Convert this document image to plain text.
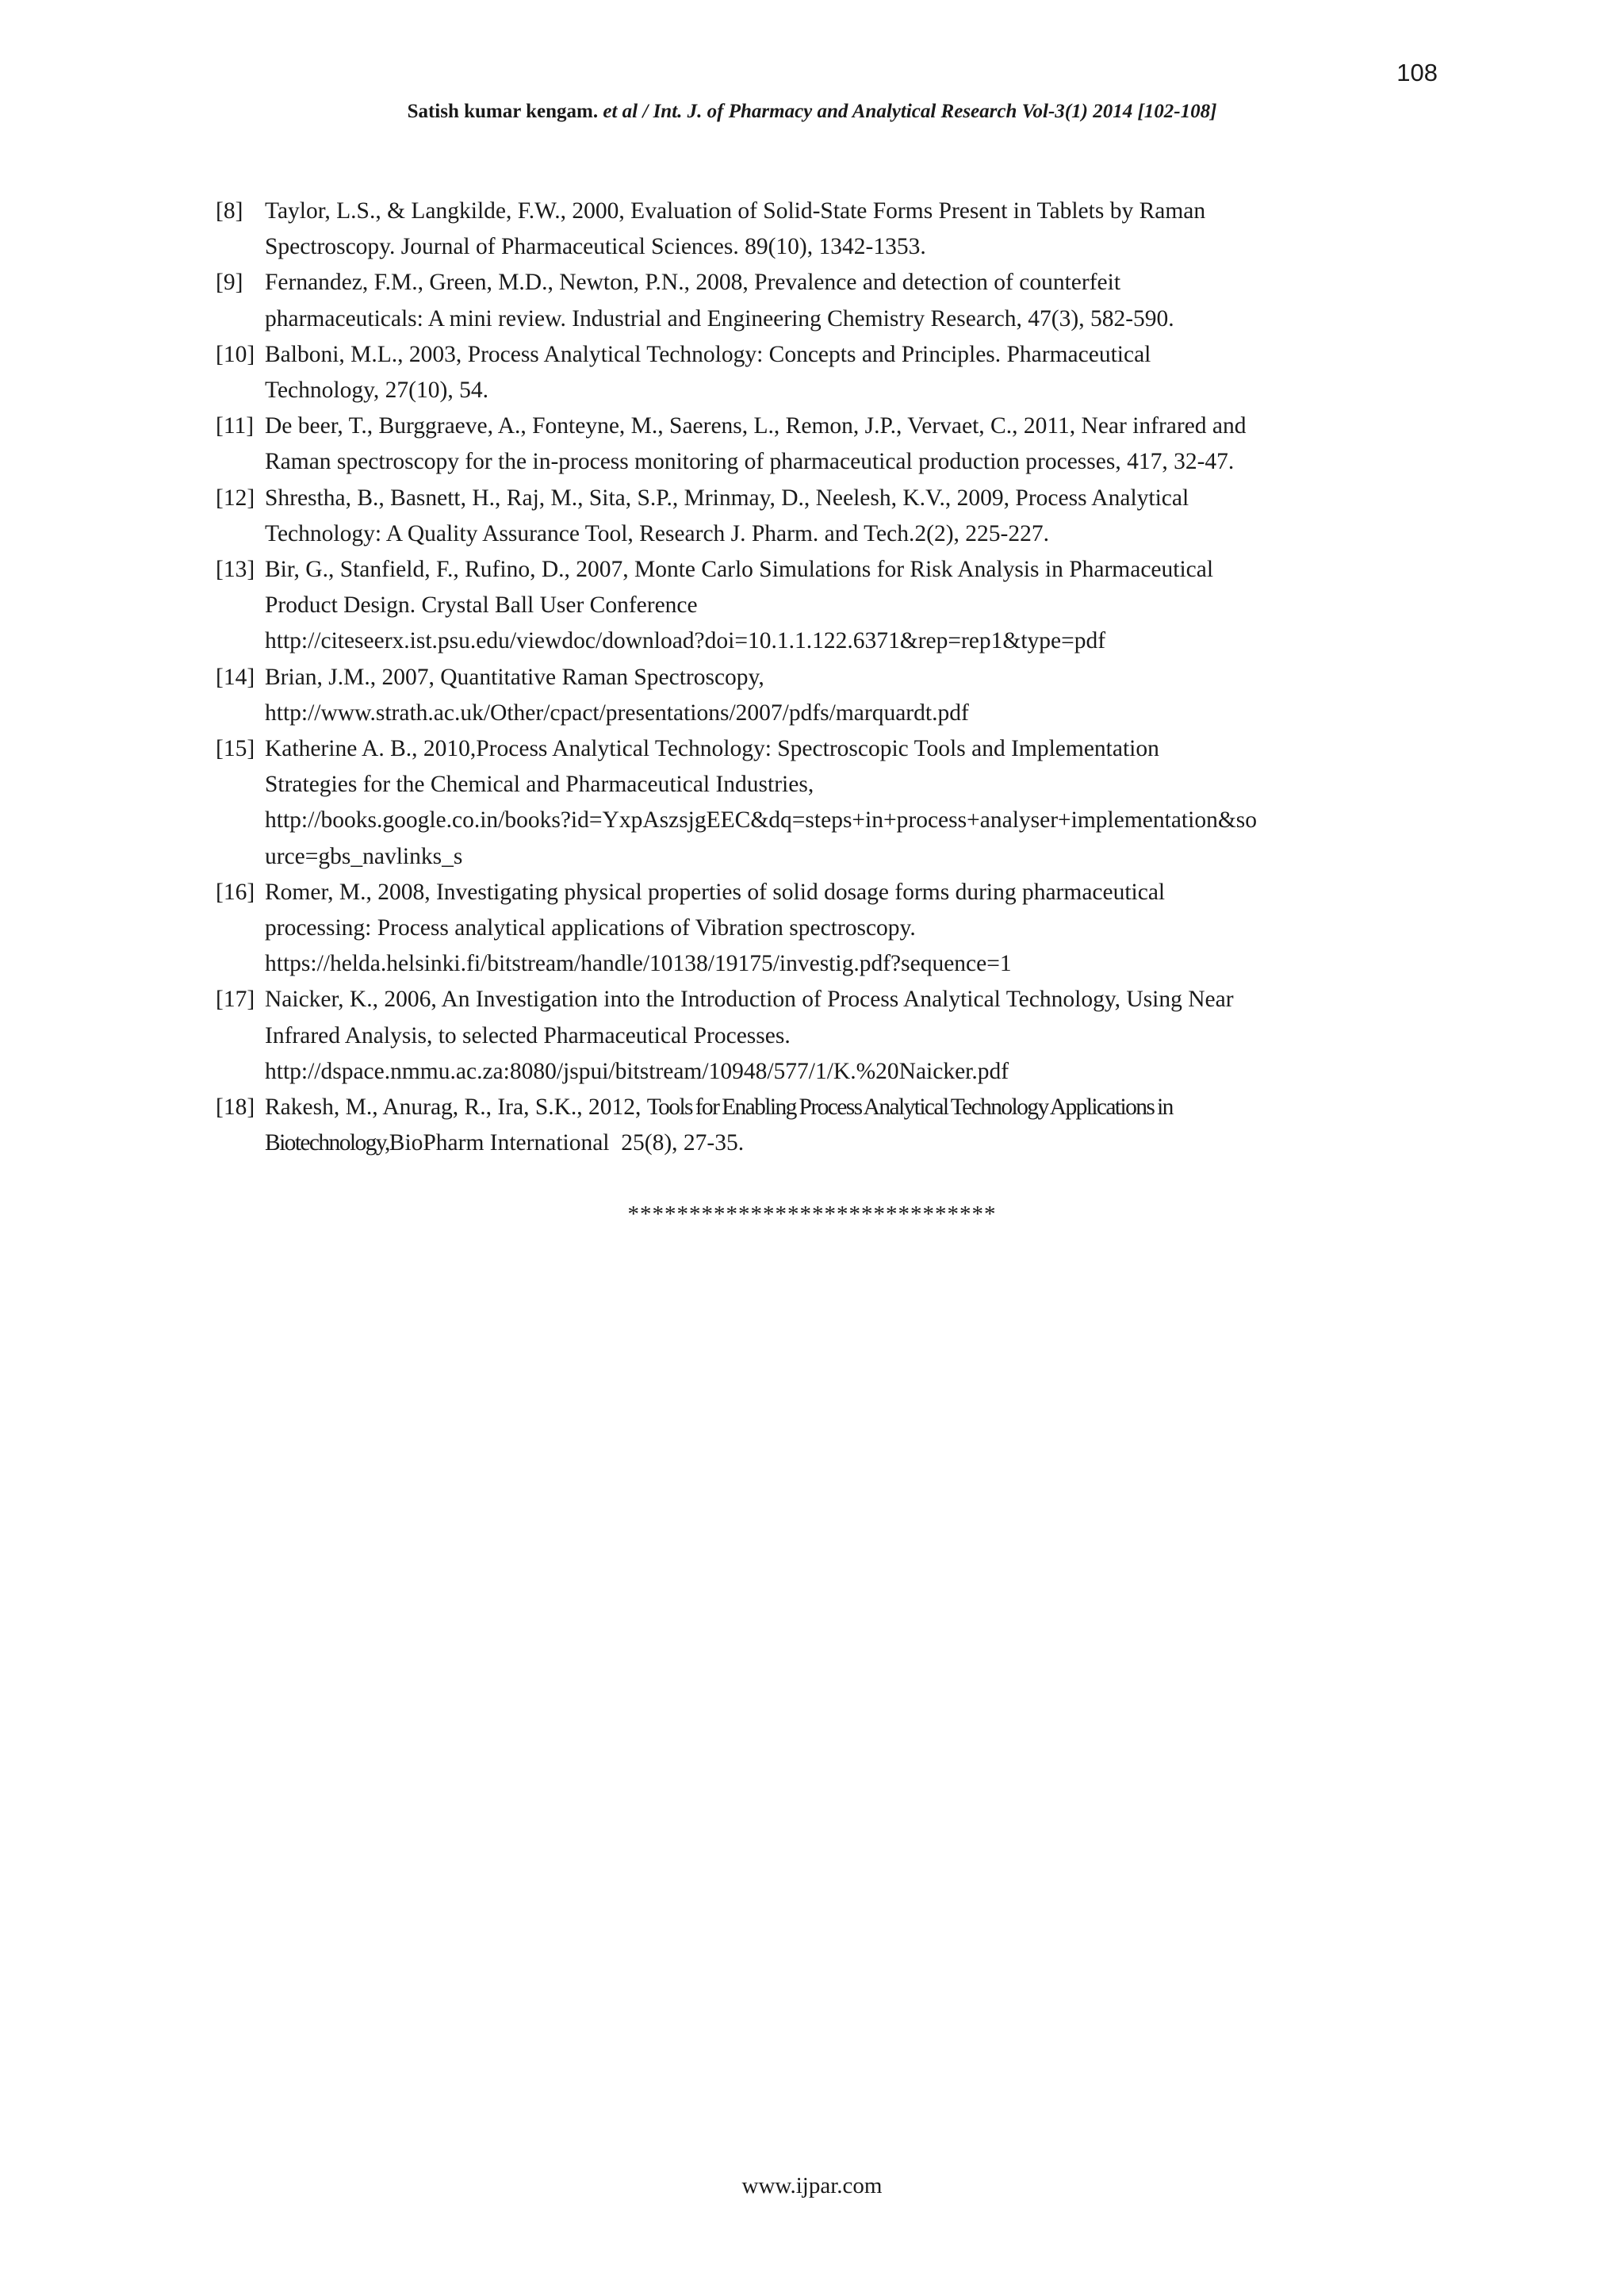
108
Satish kumar kengam. et al / Int. J. of Pharmacy and Analytical Research Vol-3(1) 2014 [102-108]
[8] Taylor, L.S., & Langkilde, F.W., 2000, Evaluation of Solid-State Forms Present in Tablets by Raman
Spectroscopy. Journal of Pharmaceutical Sciences. 89(10), 1342-1353.
[9] Fernandez, F.M., Green, M.D., Newton, P.N., 2008, Prevalence and detection of counterfeit
pharmaceuticals: A mini review. Industrial and Engineering Chemistry Research, 47(3), 582-590.
[10] Balboni, M.L., 2003, Process Analytical Technology: Concepts and Principles. Pharmaceutical
Technology, 27(10), 54.
[11] De beer, T., Burggraeve, A., Fonteyne, M., Saerens, L., Remon, J.P., Vervaet, C., 2011, Near infrared and
Raman spectroscopy for the in-process monitoring of pharmaceutical production processes, 417, 32-47.
[12] Shrestha, B., Basnett, H., Raj, M., Sita, S.P., Mrinmay, D., Neelesh, K.V., 2009, Process Analytical
Technology: A Quality Assurance Tool, Research J. Pharm. and Tech.2(2), 225-227.
[13] Bir, G., Stanfield, F., Rufino, D., 2007, Monte Carlo Simulations for Risk Analysis in Pharmaceutical
Product Design. Crystal Ball User Conference
http://citeseerx.ist.psu.edu/viewdoc/download?doi=10.1.1.122.6371&rep=rep1&type=pdf
[14] Brian, J.M., 2007, Quantitative Raman Spectroscopy,
http://www.strath.ac.uk/Other/cpact/presentations/2007/pdfs/marquardt.pdf
[15] Katherine A. B., 2010,Process Analytical Technology: Spectroscopic Tools and Implementation
Strategies for the Chemical and Pharmaceutical Industries,
http://books.google.co.in/books?id=YxpAszsjgEEC&dq=steps+in+process+analyser+implementation&so
urce=gbs_navlinks_s
[16] Romer, M., 2008, Investigating physical properties of solid dosage forms during pharmaceutical
processing: Process analytical applications of Vibration spectroscopy.
https://helda.helsinki.fi/bitstream/handle/10138/19175/investig.pdf?sequence=1
[17] Naicker, K., 2006, An Investigation into the Introduction of Process Analytical Technology, Using Near
Infrared Analysis, to selected Pharmaceutical Processes.
http://dspace.nmmu.ac.za:8080/jspui/bitstream/10948/577/1/K.%20Naicker.pdf
[18] Rakesh, M., Anurag, R., Ira, S.K., 2012, Tools for Enabling Process Analytical Technology Applications in
Biotechnology,BioPharm International  25(8), 27-35.
******************************
www.ijpar.com
